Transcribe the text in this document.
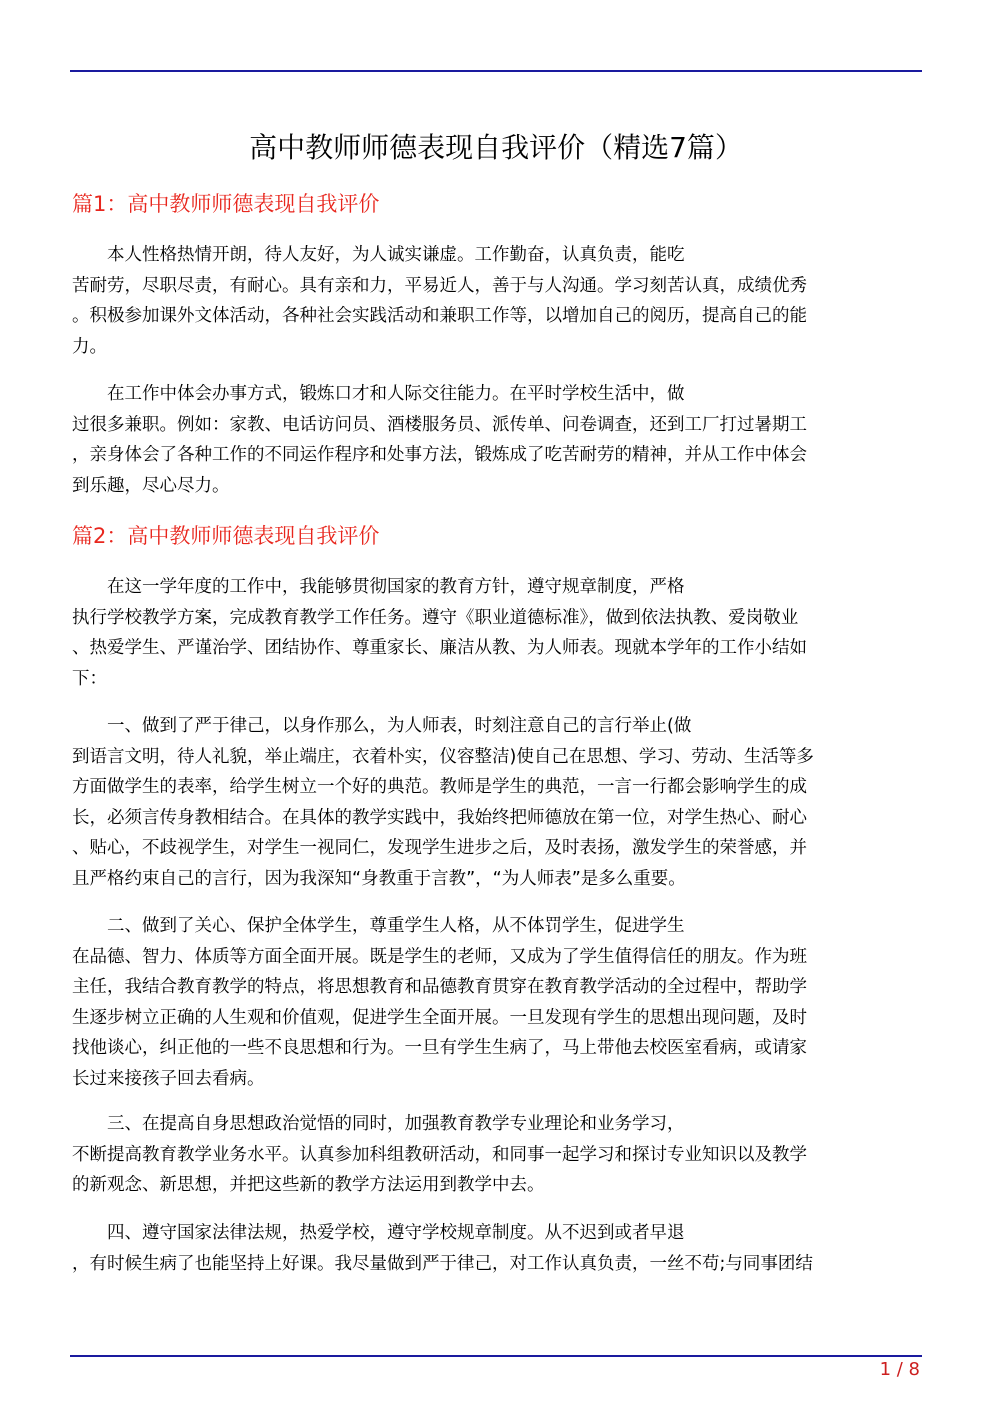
高中教师师德表现自我评价（精选7篇）
篇1：高中教师师德表现自我评价

本人性格热情开朗，待人友好，为人诚实谦虚。工作勤奋，认真负责，能吃
苦耐劳，尽职尽责，有耐心。具有亲和力，平易近人，善于与人沟通。学习刻苦认真，成绩优秀
。积极参加课外文体活动，各种社会实践活动和兼职工作等，以增加自己的阅历，提高自己的能
力。

在工作中体会办事方式，锻炼口才和人际交往能力。在平时学校生活中，做
过很多兼职。例如：家教、电话访问员、酒楼服务员、派传单、问卷调查，还到工厂打过暑期工
，亲身体会了各种工作的不同运作程序和处事方法，锻炼成了吃苦耐劳的精神，并从工作中体会
到乐趣，尽心尽力。

篇2：高中教师师德表现自我评价

在这一学年度的工作中，我能够贯彻国家的教育方针，遵守规章制度，严格
执行学校教学方案，完成教育教学工作任务。遵守《职业道德标准》，做到依法执教、爱岗敬业
、热爱学生、严谨治学、团结协作、尊重家长、廉洁从教、为人师表。现就本学年的工作小结如
下：

一、做到了严于律己，以身作那么，为人师表，时刻注意自己的言行举止(做
到语言文明，待人礼貌，举止端庄，衣着朴实，仪容整洁)使自己在思想、学习、劳动、生活等多
方面做学生的表率，给学生树立一个好的典范。教师是学生的典范，一言一行都会影响学生的成
长，必须言传身教相结合。在具体的教学实践中，我始终把师德放在第一位，对学生热心、耐心
、贴心，不歧视学生，对学生一视同仁，发现学生进步之后，及时表扬，激发学生的荣誉感，并
且严格约束自己的言行，因为我深知“身教重于言教”，“为人师表”是多么重要。

二、做到了关心、保护全体学生，尊重学生人格，从不体罚学生，促进学生
在品德、智力、体质等方面全面开展。既是学生的老师，又成为了学生值得信任的朋友。作为班
主任，我结合教育教学的特点，将思想教育和品德教育贯穿在教育教学活动的全过程中，帮助学
生逐步树立正确的人生观和价值观，促进学生全面开展。一旦发现有学生的思想出现问题，及时
找他谈心，纠正他的一些不良思想和行为。一旦有学生生病了，马上带他去校医室看病，或请家
长过来接孩子回去看病。

三、在提高自身思想政治觉悟的同时，加强教育教学专业理论和业务学习，
不断提高教育教学业务水平。认真参加科组教研活动，和同事一起学习和探讨专业知识以及教学
的新观念、新思想，并把这些新的教学方法运用到教学中去。

四、遵守国家法律法规，热爱学校，遵守学校规章制度。从不迟到或者早退
，有时候生病了也能坚持上好课。我尽量做到严于律己，对工作认真负责，一丝不苟;与同事团结

1 / 8
